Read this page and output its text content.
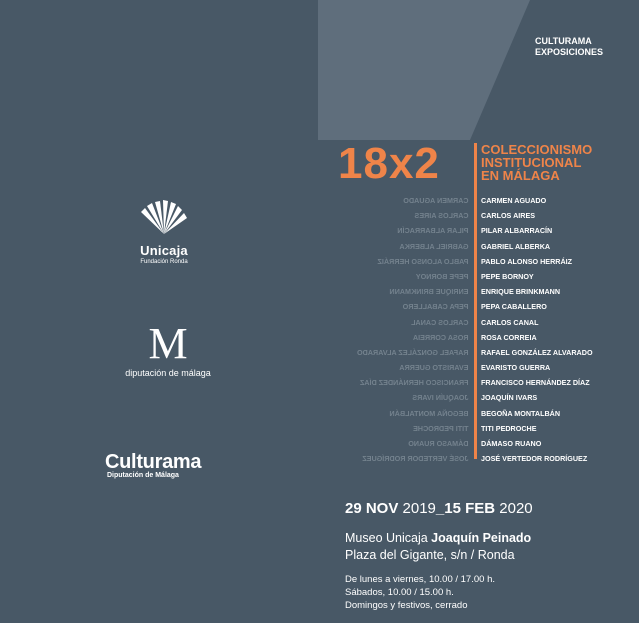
CULTURAMA
EXPOSICIONES
Unicaja
Fundación Ronda
M
diputación de málaga
Culturama
Diputación de Málaga
18x2	COLECCIONISMO
INSTITUCIONAL
EN MÁLAGA
CARMEN AGUADO
CARLOS AIRES
PILAR ALBARRACÍN
GABRIEL ALBERKA
PABLO ALONSO HERRÁIZ
PEPE BORNOY
ENRIQUE BRINKMANN
PEPA CABALLERO
CARLOS CANAL
ROSA CORREIA
RAFAEL GONZÁLEZ ALVARADO
EVARISTO GUERRA
FRANCISCO HERNÁNDEZ DÍAZ
JOAQUÍN IVARS
BEGOÑA MONTALBÁN
TITI PEDROCHE
DÁMASO RUANO
JOSÉ VERTEDOR RODRÍGUEZ
CARMEN AGUADO
CARLOS AIRES
PILAR ALBARRACÍN
GABRIEL ALBERKA
PABLO ALONSO HERRÁIZ
PEPE BORNOY
ENRIQUE BRINKMANN
PEPA CABALLERO
CARLOS CANAL
ROSA CORREIA
RAFAEL GONZÁLEZ ALVARADO
EVARISTO GUERRA
FRANCISCO HERNÁNDEZ DÍAZ
JOAQUÍN IVARS
BEGOÑA MONTALBÁN
TITI PEDROCHE
DÁMASO RUANO
JOSÉ VERTEDOR RODRÍGUEZ
29 NOV 2019_15 FEB 2020
Museo Unicaja Joaquín Peinado
Plaza del Gigante, s/n / Ronda
De lunes a viernes, 10.00 / 17.00 h.
Sábados, 10.00 / 15.00 h.
Domingos y festivos, cerrado
